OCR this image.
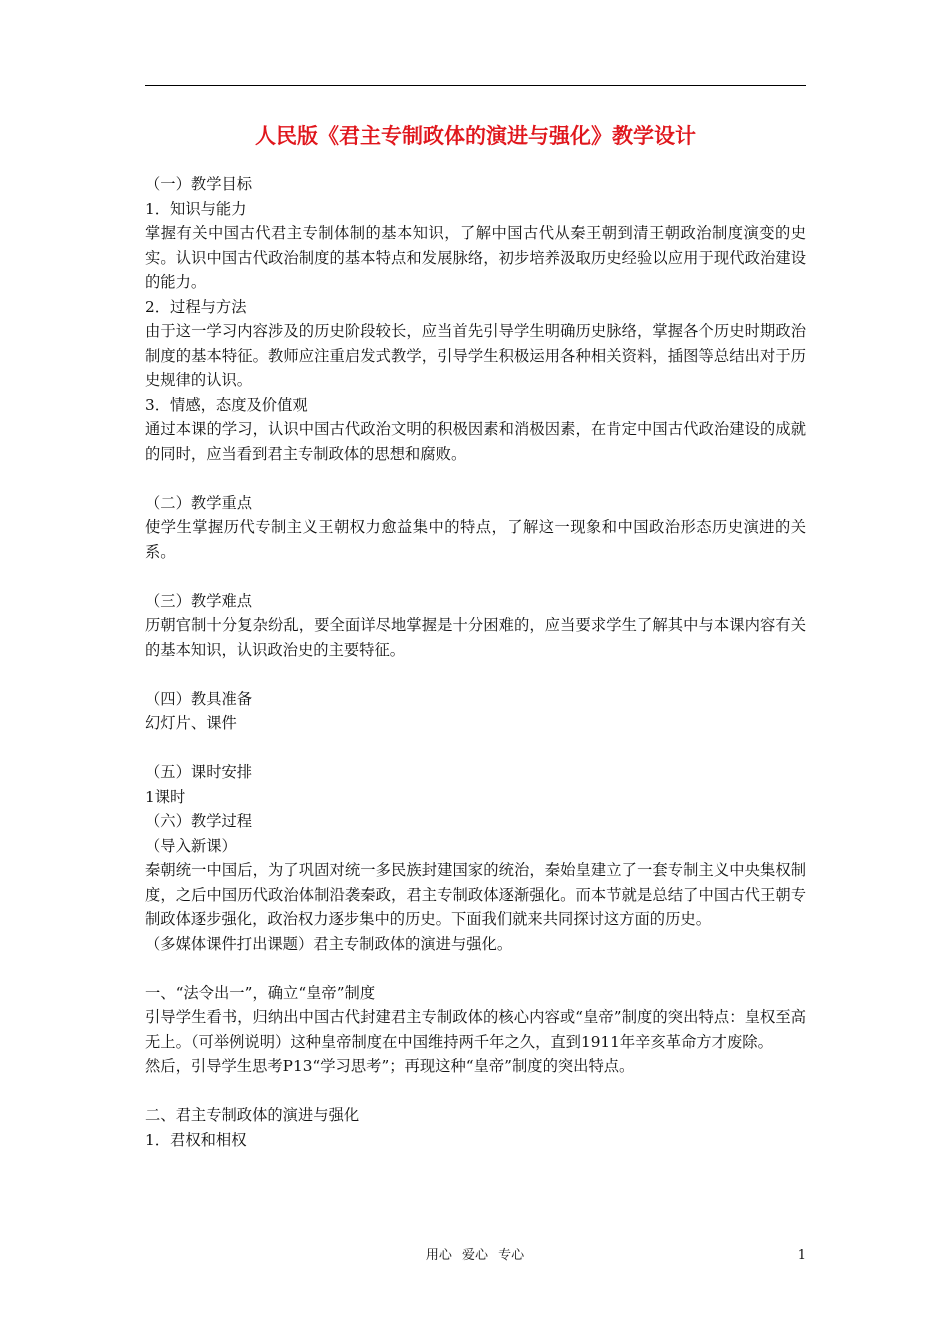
人民版《君主专制政体的演进与强化》教学设计

（一）教学目标

1．知识与能力

掌握有关中国古代君主专制体制的基本知识，了解中国古代从秦王朝到清王朝政治制度演变的史实。认识中国古代政治制度的基本特点和发展脉络，初步培养汲取历史经验以应用于现代政治建设的能力。

2．过程与方法

由于这一学习内容涉及的历史阶段较长，应当首先引导学生明确历史脉络，掌握各个历史时期政治制度的基本特征。教师应注重启发式教学，引导学生积极运用各种相关资料，插图等总结出对于历史规律的认识。

3．情感，态度及价值观

通过本课的学习，认识中国古代政治文明的积极因素和消极因素，在肯定中国古代政治建设的成就的同时，应当看到君主专制政体的思想和腐败。

（二）教学重点

使学生掌握历代专制主义王朝权力愈益集中的特点，了解这一现象和中国政治形态历史演进的关系。

（三）教学难点

历朝官制十分复杂纷乱，要全面详尽地掌握是十分困难的，应当要求学生了解其中与本课内容有关的基本知识，认识政治史的主要特征。

（四）教具准备

幻灯片、课件

（五）课时安排

1课时

（六）教学过程

（导入新课）

秦朝统一中国后，为了巩固对统一多民族封建国家的统治，秦始皇建立了一套专制主义中央集权制度，之后中国历代政治体制沿袭秦政，君主专制政体逐渐强化。而本节就是总结了中国古代王朝专制政体逐步强化，政治权力逐步集中的历史。下面我们就来共同探讨这方面的历史。

（多媒体课件打出课题）君主专制政体的演进与强化。

一、“法令出一”，确立“皇帝”制度

引导学生看书，归纳出中国古代封建君主专制政体的核心内容或“皇帝”制度的突出特点：皇权至高无上。（可举例说明）这种皇帝制度在中国维持两千年之久，直到1911年辛亥革命方才废除。

然后，引导学生思考P13“学习思考”；再现这种“皇帝”制度的突出特点。

二、君主专制政体的演进与强化

1．君权和相权

用心 爱心 专心	1
